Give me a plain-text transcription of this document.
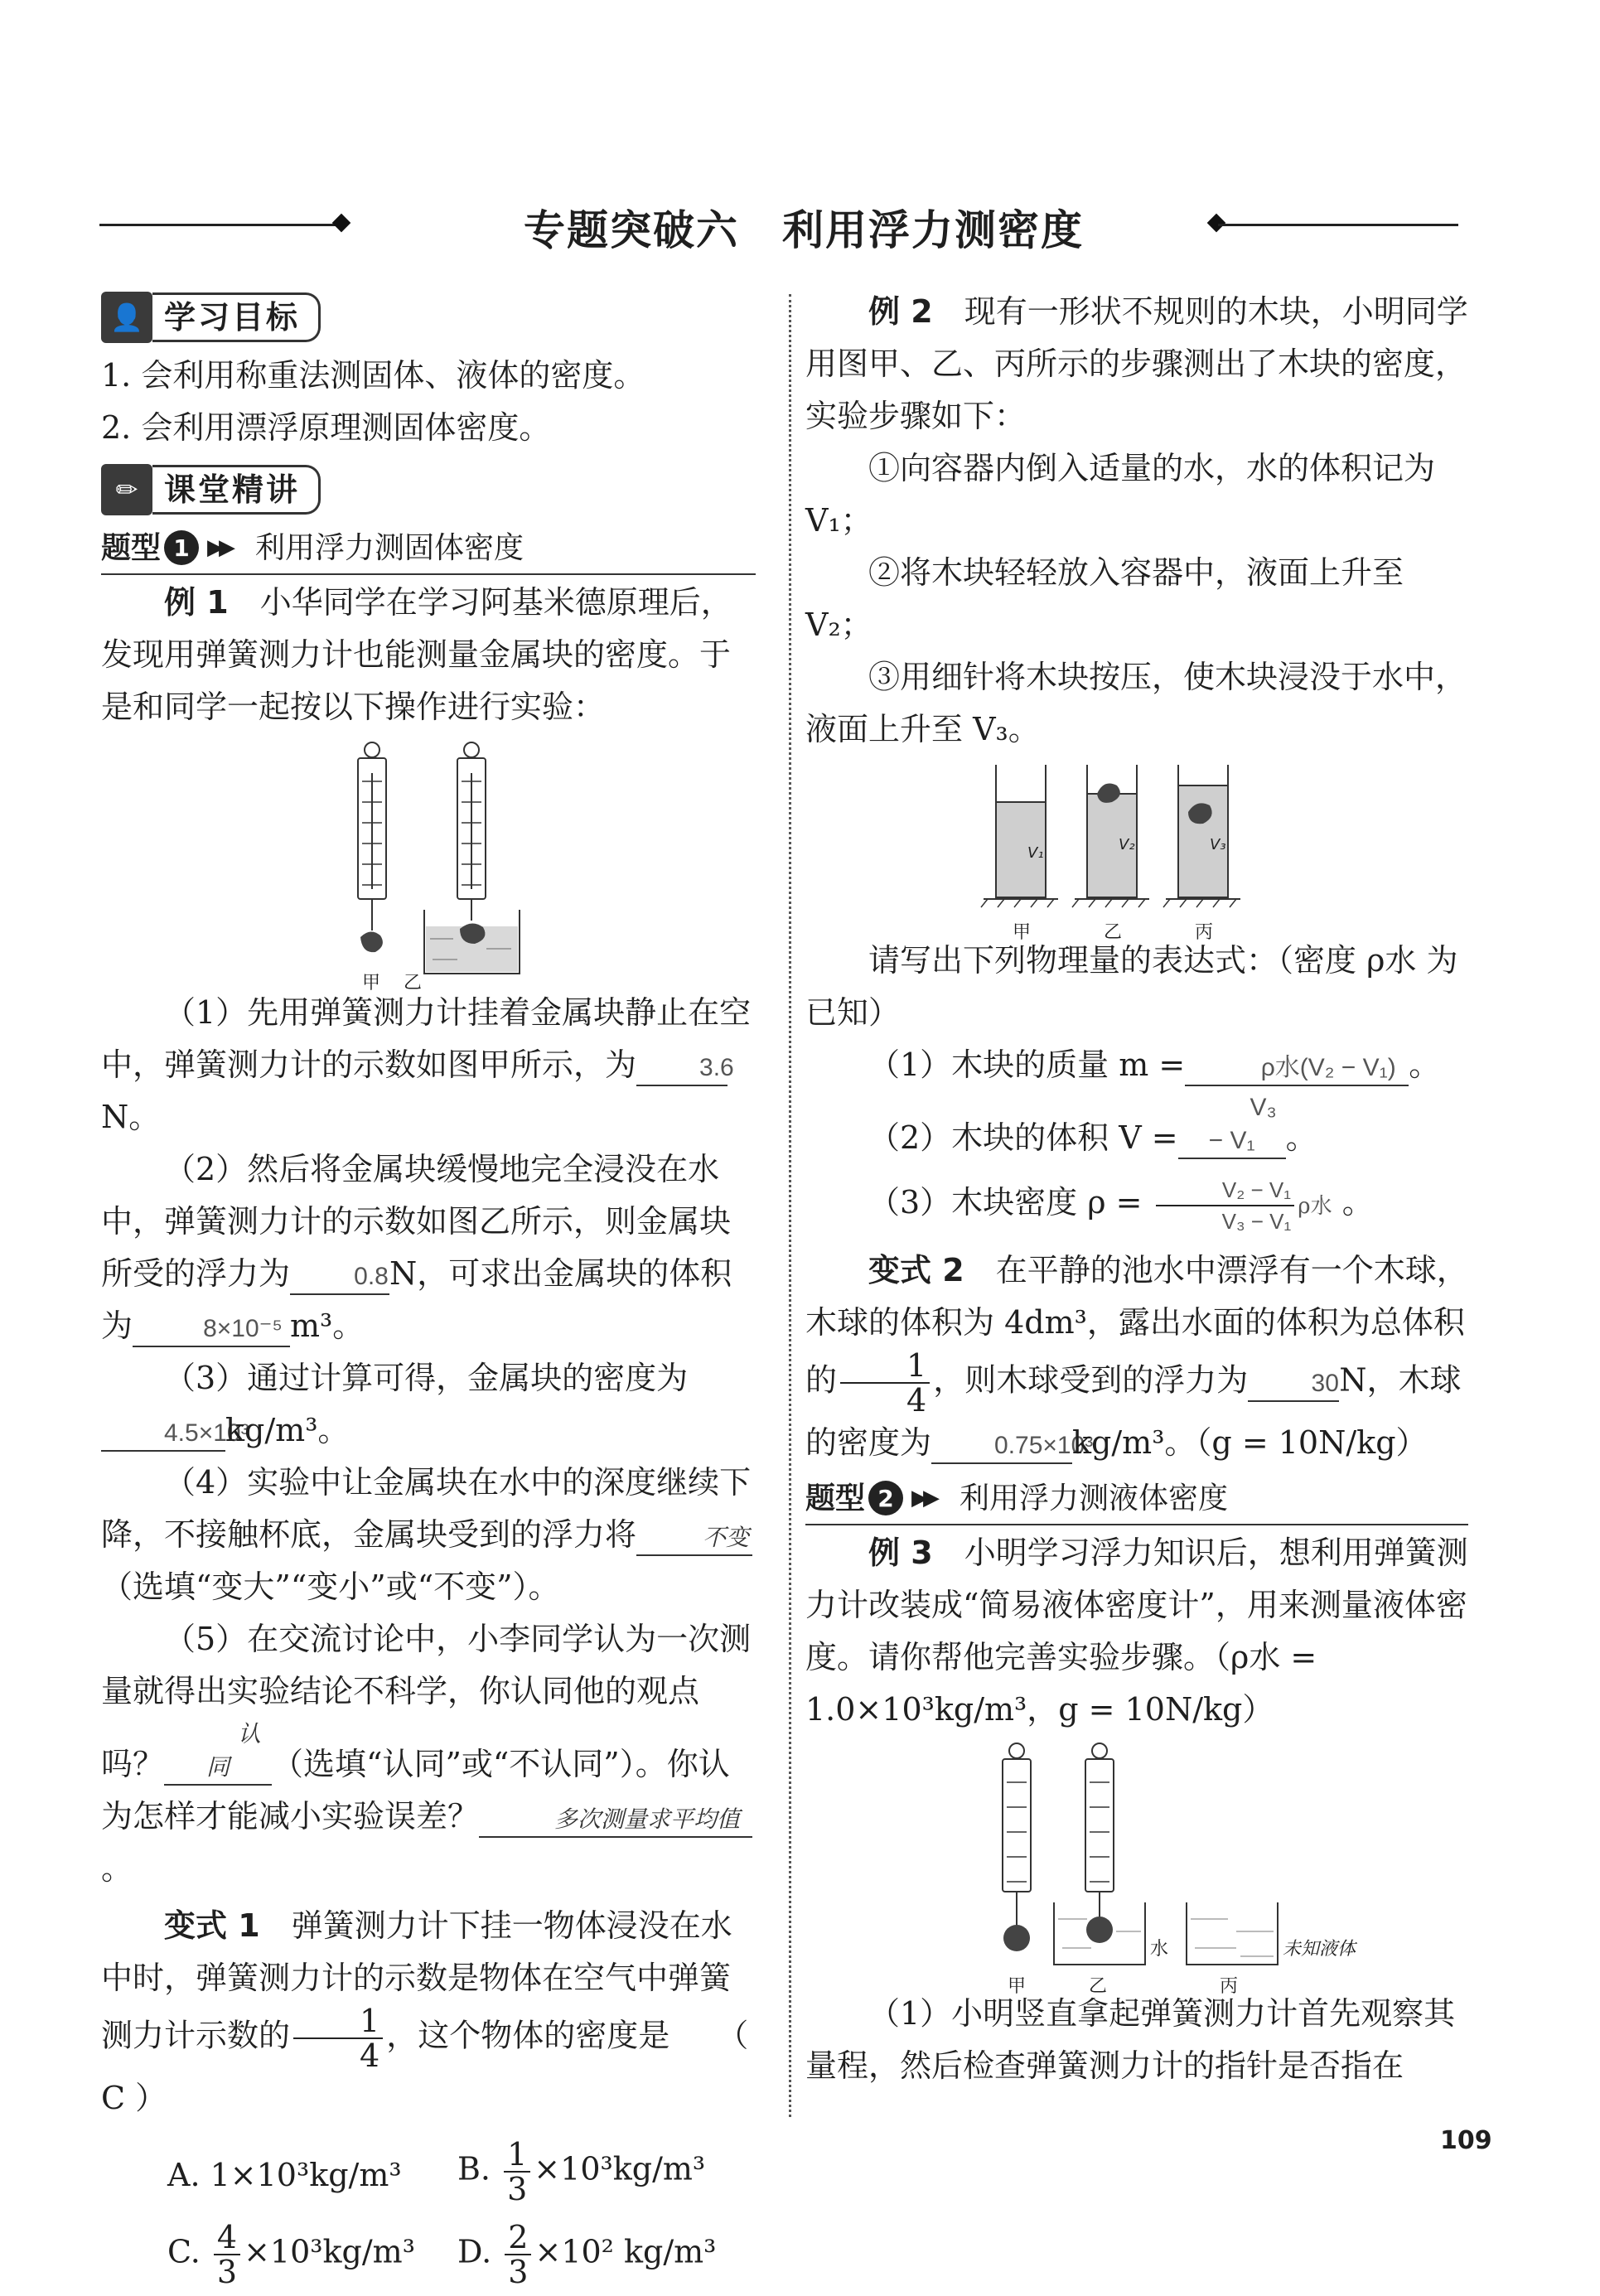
专题突破六　利用浮力测密度
👤 学习目标

1. 会利用称重法测固体、液体的密度。

2. 会利用漂浮原理测固体密度。

✏ 课堂精讲
题型 1 ▶▶ 利用浮力测固体密度

例 1　 小华同学在学习阿基米德原理后，发现用弹簧测力计也能测量金属块的密度。于是和同学一起按以下操作进行实验：

甲 乙

（1）先用弹簧测力计挂着金属块静止在空中，弹簧测力计的示数如图甲所示，为	3.6N。

（2）然后将金属块缓慢地完全浸没在水中，弹簧测力计的示数如图乙所示，则金属块所受的浮力为	0.8N，可求出金属块的体积为	8×10⁻⁵ m³。

（3）通过计算可得，金属块的密度为4.5×10³kg/m³。

（4）实验中让金属块在水中的深度继续下降，不接触杯底，金属块受到的浮力将	不变（选填“变大”“变小”或“不变”）。

（5）在交流讨论中，小李同学认为一次测量就得出实验结论不科学，你认同他的观点吗？认同 （选填“认同”或“不认同”）。你认为怎样才能减小实验误差？	多次测量求平均值。

变式 1　 弹簧测力计下挂一物体浸没在水中时，弹簧测力计的示数是物体在空气中弹簧测力计示数的 $\frac{1}{4}$ ，这个物体的密度是　　 （ C ）

A. 1×10³kg/m³	B. $\frac{1}{3} \times 10^3kg/m^3$
C. $\frac{4}{3} \times 10^3kg/m^3$	D. $\frac{2}{3} \times 10^2$ kg/m³

例 2　 现有一形状不规则的木块，小明同学用图甲、乙、丙所示的步骤测出了木块的密度，实验步骤如下：

①向容器内倒入适量的水，水的体积记为 V₁；

②将木块轻轻放入容器中，液面上升至 V₂；

③用细针将木块按压，使木块浸没于水中，液面上升至 V₃。

V₁	V₂	V₃
甲	乙	丙

请写出下列物理量的表达式：（密度 ρ水 为已知）

（1）木块的质量 m =	ρ水(V₂ − V₁) 。

（2）木块的体积 V =V₃ − V₁ 。

（3）木块密度 $\rho = \frac{\text{V₂ − V₁}}{\text{V₃ − V₁}}$ ρ水 。

变式 2　 在平静的池水中漂浮有一个木球，木球的体积为 4dm³，露出水面的体积为总体积的 $\frac{1}{4}$ ，则木球受到的浮力为	30N，木球的密度为	0.75×10³kg/m³。（g = 10N/kg）

题型 2 ▶▶ 利用浮力测液体密度

例 3　 小明学习浮力知识后，想利用弹簧测力计改装成“简易液体密度计”，用来测量液体密度。请你帮他完善实验步骤。（ρ水 = 1.0×10³kg/m³，g = 10N/kg）

水	未知液体
甲	乙	丙

（1）小明竖直拿起弹簧测力计首先观察其量程，然后检查弹簧测力计的指针是否指在

109
